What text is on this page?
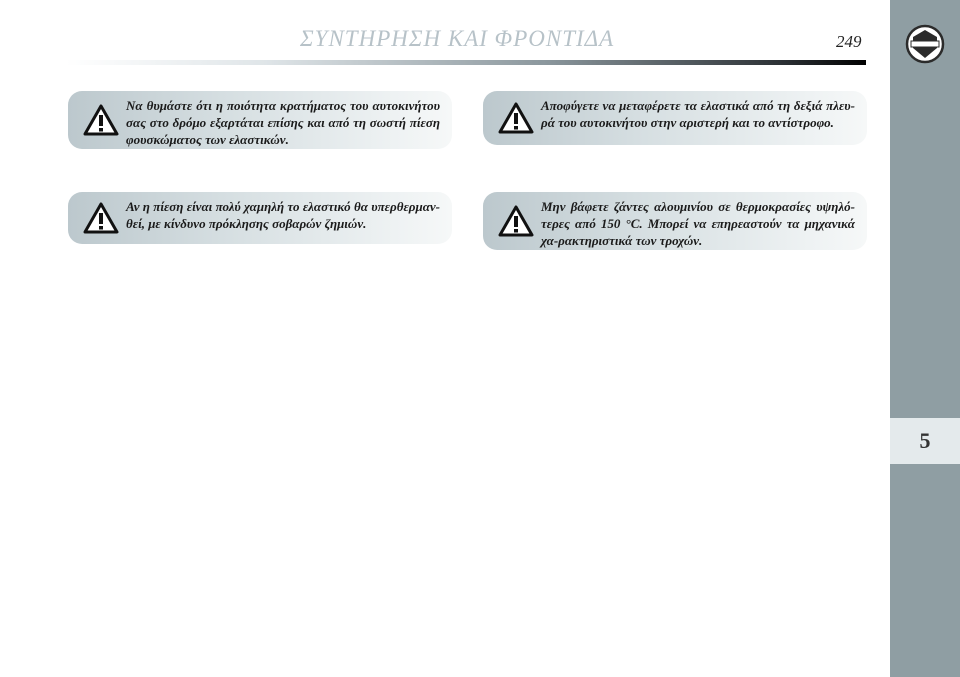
ΣΥΝΤΗΡΗΣΗ ΚΑΙ ΦΡΟΝΤΙΔΑ	249
5
Να θυμάστε ότι η ποιότητα κρατήματος του αυτοκινήτου σας στο δρόμο εξαρτάται επίσης και από τη σωστή πίεση φουσκώματος των ελαστικών.
Αν η πίεση είναι πολύ χαμηλή το ελαστικό θα υπερθερμαν-θεί, με κίνδυνο πρόκλησης σοβαρών ζημιών.
Αποφύγετε να μεταφέρετε τα ελαστικά από τη δεξιά πλευ-ρά του αυτοκινήτου στην αριστερή και το αντίστροφο.
Μην βάφετε ζάντες αλουμινίου σε θερμοκρασίες υψηλό-τερες από 150 °C. Μπορεί να επηρεαστούν τα μηχανικά χα-ρακτηριστικά των τροχών.
